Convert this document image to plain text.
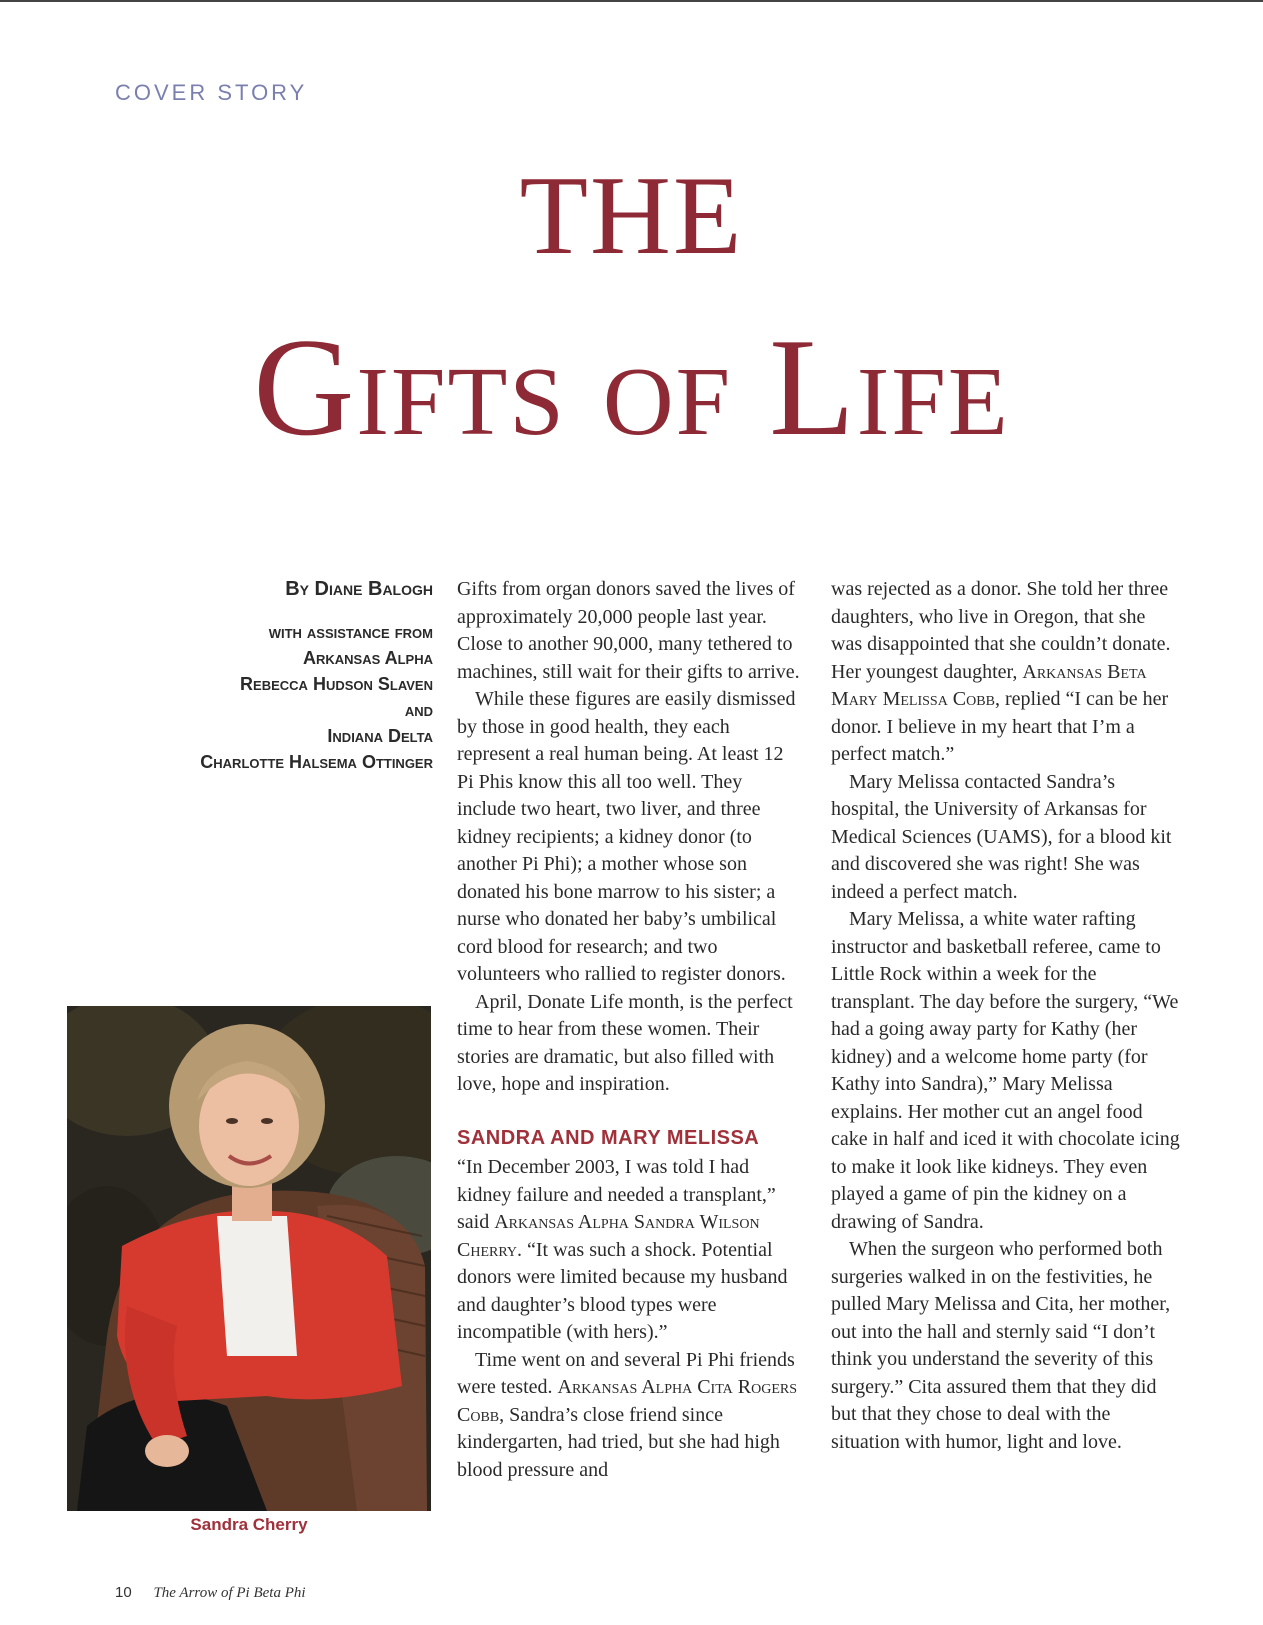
COVER STORY
THE
Gifts of Life
By Diane Balogh
with assistance from
Arkansas Alpha
Rebecca Hudson Slaven
and
Indiana Delta
Charlotte Halsema Ottinger
Sandra Cherry

Gifts from organ donors saved the lives of approximately 20,000 people last year. Close to another 90,000, many tethered to machines, still wait for their gifts to arrive.

While these figures are easily dismissed by those in good health, they each represent a real human being. At least 12 Pi Phis know this all too well. They include two heart, two liver, and three kidney recipients; a kidney donor (to another Pi Phi); a mother whose son donated his bone marrow to his sister; a nurse who donated her baby’s umbilical cord blood for research; and two volunteers who rallied to register donors.

April, Donate Life month, is the perfect time to hear from these women. Their stories are dramatic, but also filled with love, hope and inspiration.

SANDRA AND MARY MELISSA

“In December 2003, I was told I had kidney failure and needed a transplant,” said Arkansas Alpha Sandra Wilson Cherry. “It was such a shock. Potential donors were limited because my husband and daughter’s blood types were incompatible (with hers).”

Time went on and several Pi Phi friends were tested. Arkansas Alpha Cita Rogers Cobb, Sandra’s close friend since kindergarten, had tried, but she had high blood pressure and

was rejected as a donor. She told her three daughters, who live in Oregon, that she was disappointed that she couldn’t donate. Her youngest daughter, Arkansas Beta Mary Melissa Cobb, replied “I can be her donor. I believe in my heart that I’m a perfect match.”

Mary Melissa contacted Sandra’s hospital, the University of Arkansas for Medical Sciences (UAMS), for a blood kit and discovered she was right! She was indeed a perfect match.

Mary Melissa, a white water rafting instructor and basketball referee, came to Little Rock within a week for the transplant. The day before the surgery, “We had a going away party for Kathy (her kidney) and a welcome home party (for Kathy into Sandra),” Mary Melissa explains. Her mother cut an angel food cake in half and iced it with chocolate icing to make it look like kidneys. They even played a game of pin the kidney on a drawing of Sandra.

When the surgeon who performed both surgeries walked in on the festivities, he pulled Mary Melissa and Cita, her mother, out into the hall and sternly said “I don’t think you understand the severity of this surgery.” Cita assured them that they did but that they chose to deal with the situation with humor, light and love.

10 The Arrow of Pi Beta Phi
